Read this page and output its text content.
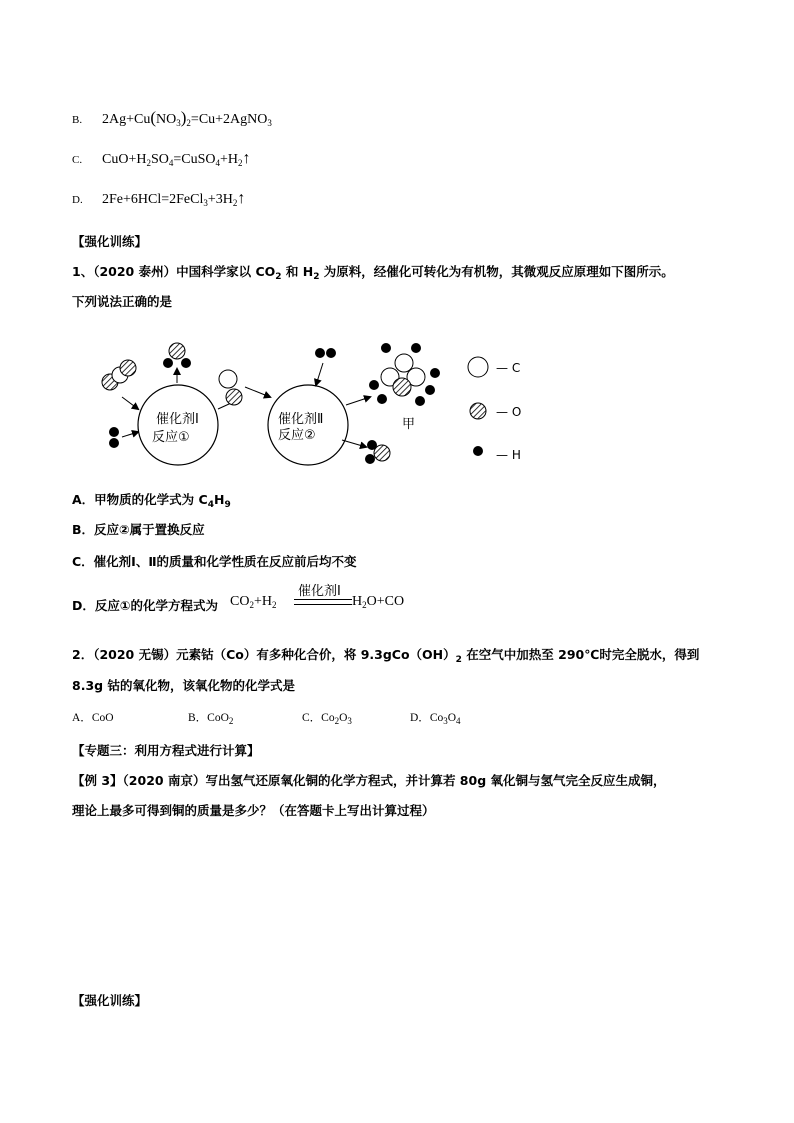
B. $2Ag+Cu(NO_3)_2=Cu+2AgNO_3$
C. $CuO+H_2SO_4=CuSO_4+H_2↑$
D. $2Fe+6HCl=2FeCl_3+3H_2↑$
【强化训练】
1、（2020 泰州）中国科学家以 $CO_2$ 和 $H_2$ 为原料，经催化可转化为有机物，其微观反应原理如下图所示。
下列说法正确的是
催化剂Ⅰ
反应①
催化剂Ⅱ
反应②
甲
— C
— O
— H
A．甲物质的化学式为 $C_4H_9$
B．反应②属于置换反应
C．催化剂Ⅰ、Ⅱ的质量和化学性质在反应前后均不变
D．反应①的化学方程式为 $CO_2+H_2$
催化剂I
$H_2O+CO$
2．（2020 无锡）元素钴（Co）有多种化合价，将 $9.3gCo(OH)_2$ 在空气中加热至 290℃时完全脱水，得到
8.3g 钴的氧化物，该氧化物的化学式是
A．CoO	B．CoO$_2$	C．$Co_2O_3$	D．$Co_3O_4$
【专题三：利用方程式进行计算】
【例 3】（2020 南京）写出氢气还原氧化铜的化学方程式，并计算若 80g 氧化铜与氢气完全反应生成铜，
理论上最多可得到铜的质量是多少？（在答题卡上写出计算过程）
【强化训练】
